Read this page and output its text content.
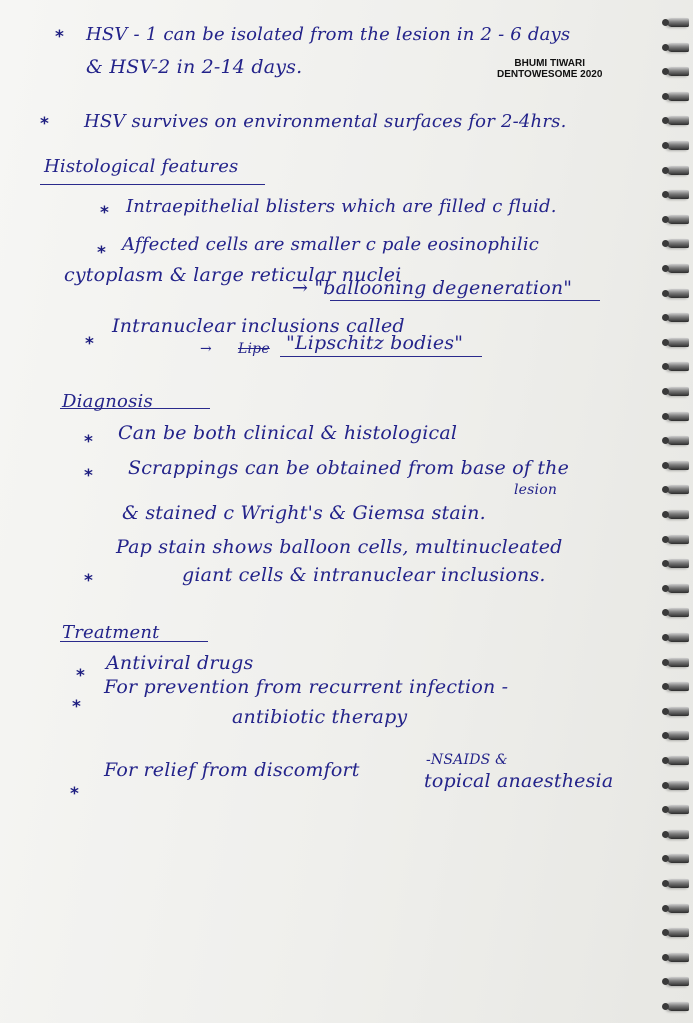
BHUMI TIWARI
DENTOWESOME 2020
* HSV - 1 can be isolated from the lesion in 2 - 6 days
& HSV-2 in 2-14 days.
* HSV survives on environmental surfaces for 2-4hrs.
Histological features
* Intraepithelial blisters which are filled c fluid.
* Affected cells are smaller c pale eosinophilic
cytoplasm & large reticular nuclei
→ "ballooning degeneration"
*
Intranuclear inclusions called
→ Lipe "Lipschitz bodies"
Diagnosis
* Can be both clinical & histological
* Scrappings can be obtained from base of the
lesion
& stained c Wright's & Giemsa stain.
*
Pap stain shows balloon cells, multinucleated
giant cells & intranuclear inclusions.
Treatment
*
Antiviral drugs
*
For prevention from recurrent infection -
antibiotic therapy
*
For relief from discomfort	-NSAIDS &
topical anaesthesia
